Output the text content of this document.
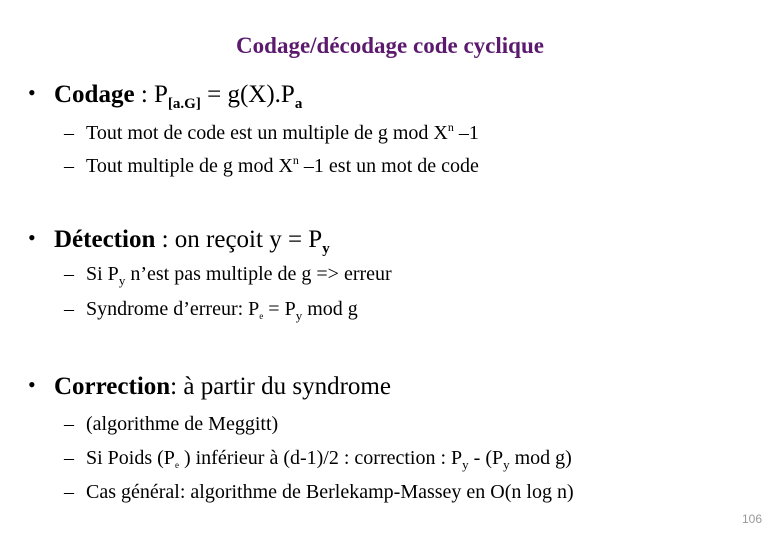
Codage/décodage code cyclique
• Codage : $P_{[a.G]} = g(X).P_a$
– Tout mot de code est un multiple de g mod $X^n$ –1
– Tout multiple de g mod $X^n$ –1 est un mot de code
• Détection : on reçoit $y = P_y$
– Si $P_y$ n’est pas multiple de g => erreur
– Syndrome d’erreur: $P_e = P_y$ mod g
• Correction: à partir du syndrome
– (algorithme de Meggitt)
– Si Poids ($P_e$ ) inférieur à (d-1)/2 : correction : $P_y - (P_y$ mod g)
– Cas général: algorithme de Berlekamp-Massey en O(n log n)
106
